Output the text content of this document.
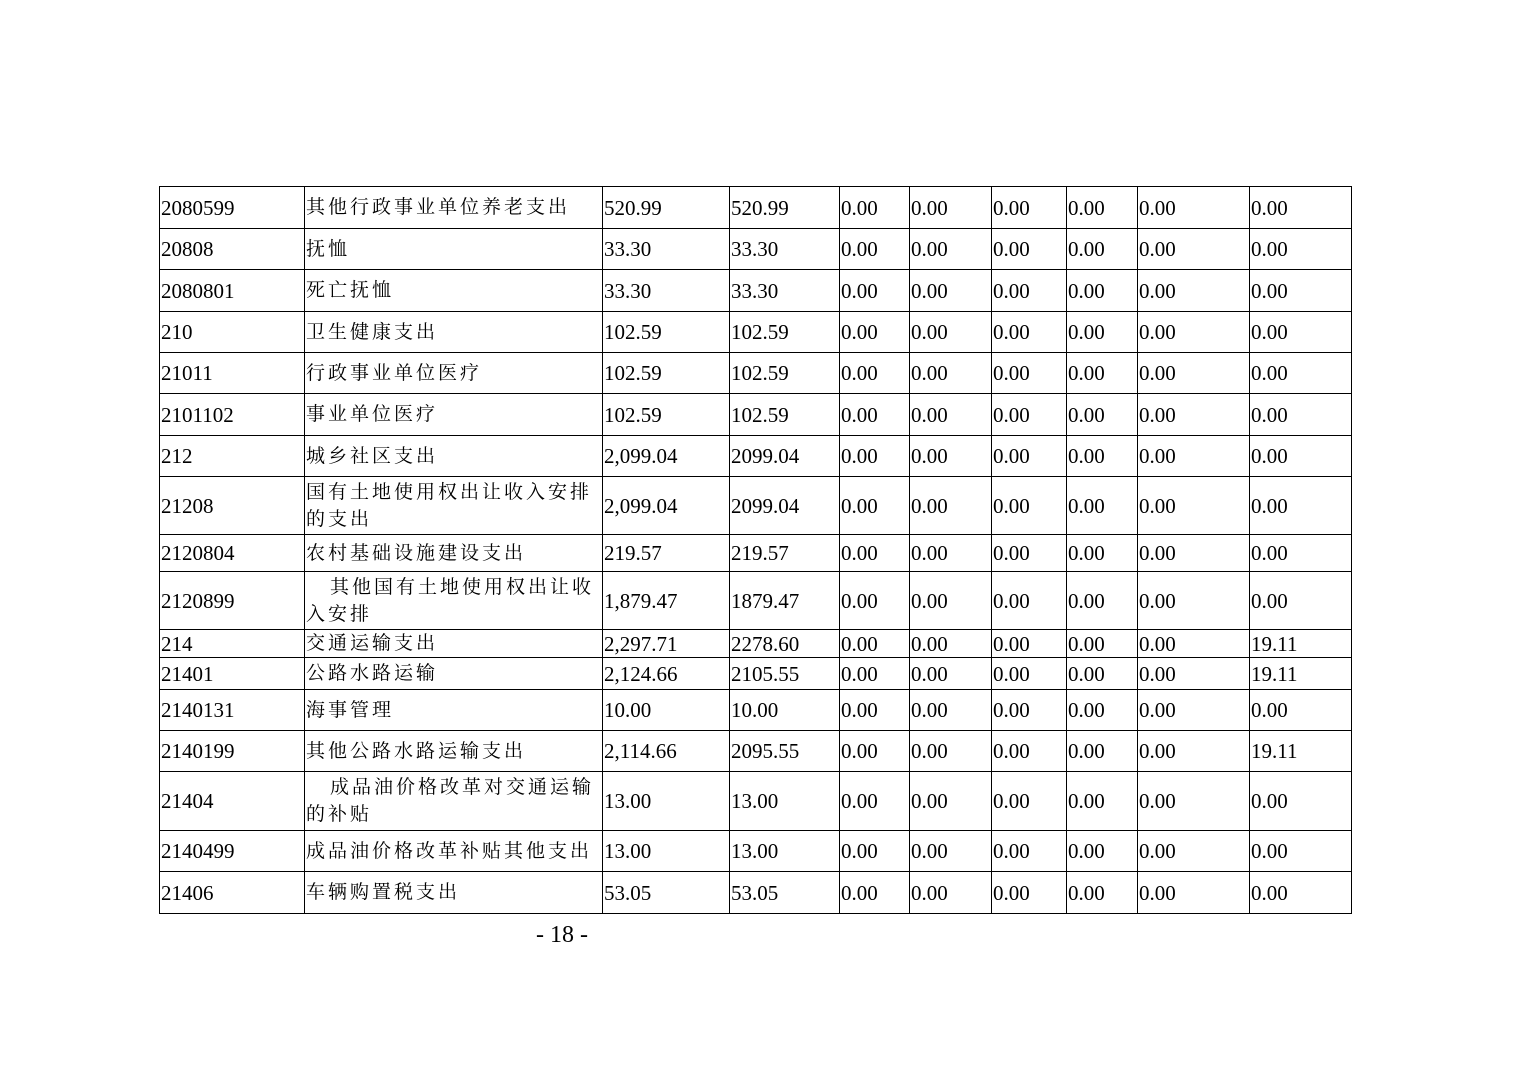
2080599	其他行政事业单位养老支出	520.99	520.99	0.00	0.00	0.00	0.00	0.00	0.00
20808	抚恤	33.30	33.30	0.00	0.00	0.00	0.00	0.00	0.00
2080801	死亡抚恤	33.30	33.30	0.00	0.00	0.00	0.00	0.00	0.00
210	卫生健康支出	102.59	102.59	0.00	0.00	0.00	0.00	0.00	0.00
21011	行政事业单位医疗	102.59	102.59	0.00	0.00	0.00	0.00	0.00	0.00
2101102	事业单位医疗	102.59	102.59	0.00	0.00	0.00	0.00	0.00	0.00
212	城乡社区支出	2,099.04	2099.04	0.00	0.00	0.00	0.00	0.00	0.00
21208	国有土地使用权出让收入安排的支出	2,099.04	2099.04	0.00	0.00	0.00	0.00	0.00	0.00
2120804	农村基础设施建设支出	219.57	219.57	0.00	0.00	0.00	0.00	0.00	0.00
2120899	其他国有土地使用权出让收入安排	1,879.47	1879.47	0.00	0.00	0.00	0.00	0.00	0.00
214	交通运输支出	2,297.71	2278.60	0.00	0.00	0.00	0.00	0.00	19.11
21401	公路水路运输	2,124.66	2105.55	0.00	0.00	0.00	0.00	0.00	19.11
2140131	海事管理	10.00	10.00	0.00	0.00	0.00	0.00	0.00	0.00
2140199	其他公路水路运输支出	2,114.66	2095.55	0.00	0.00	0.00	0.00	0.00	19.11
21404	成品油价格改革对交通运输的补贴	13.00	13.00	0.00	0.00	0.00	0.00	0.00	0.00
2140499	成品油价格改革补贴其他支出	13.00	13.00	0.00	0.00	0.00	0.00	0.00	0.00
21406	车辆购置税支出	53.05	53.05	0.00	0.00	0.00	0.00	0.00	0.00
- 18 -
